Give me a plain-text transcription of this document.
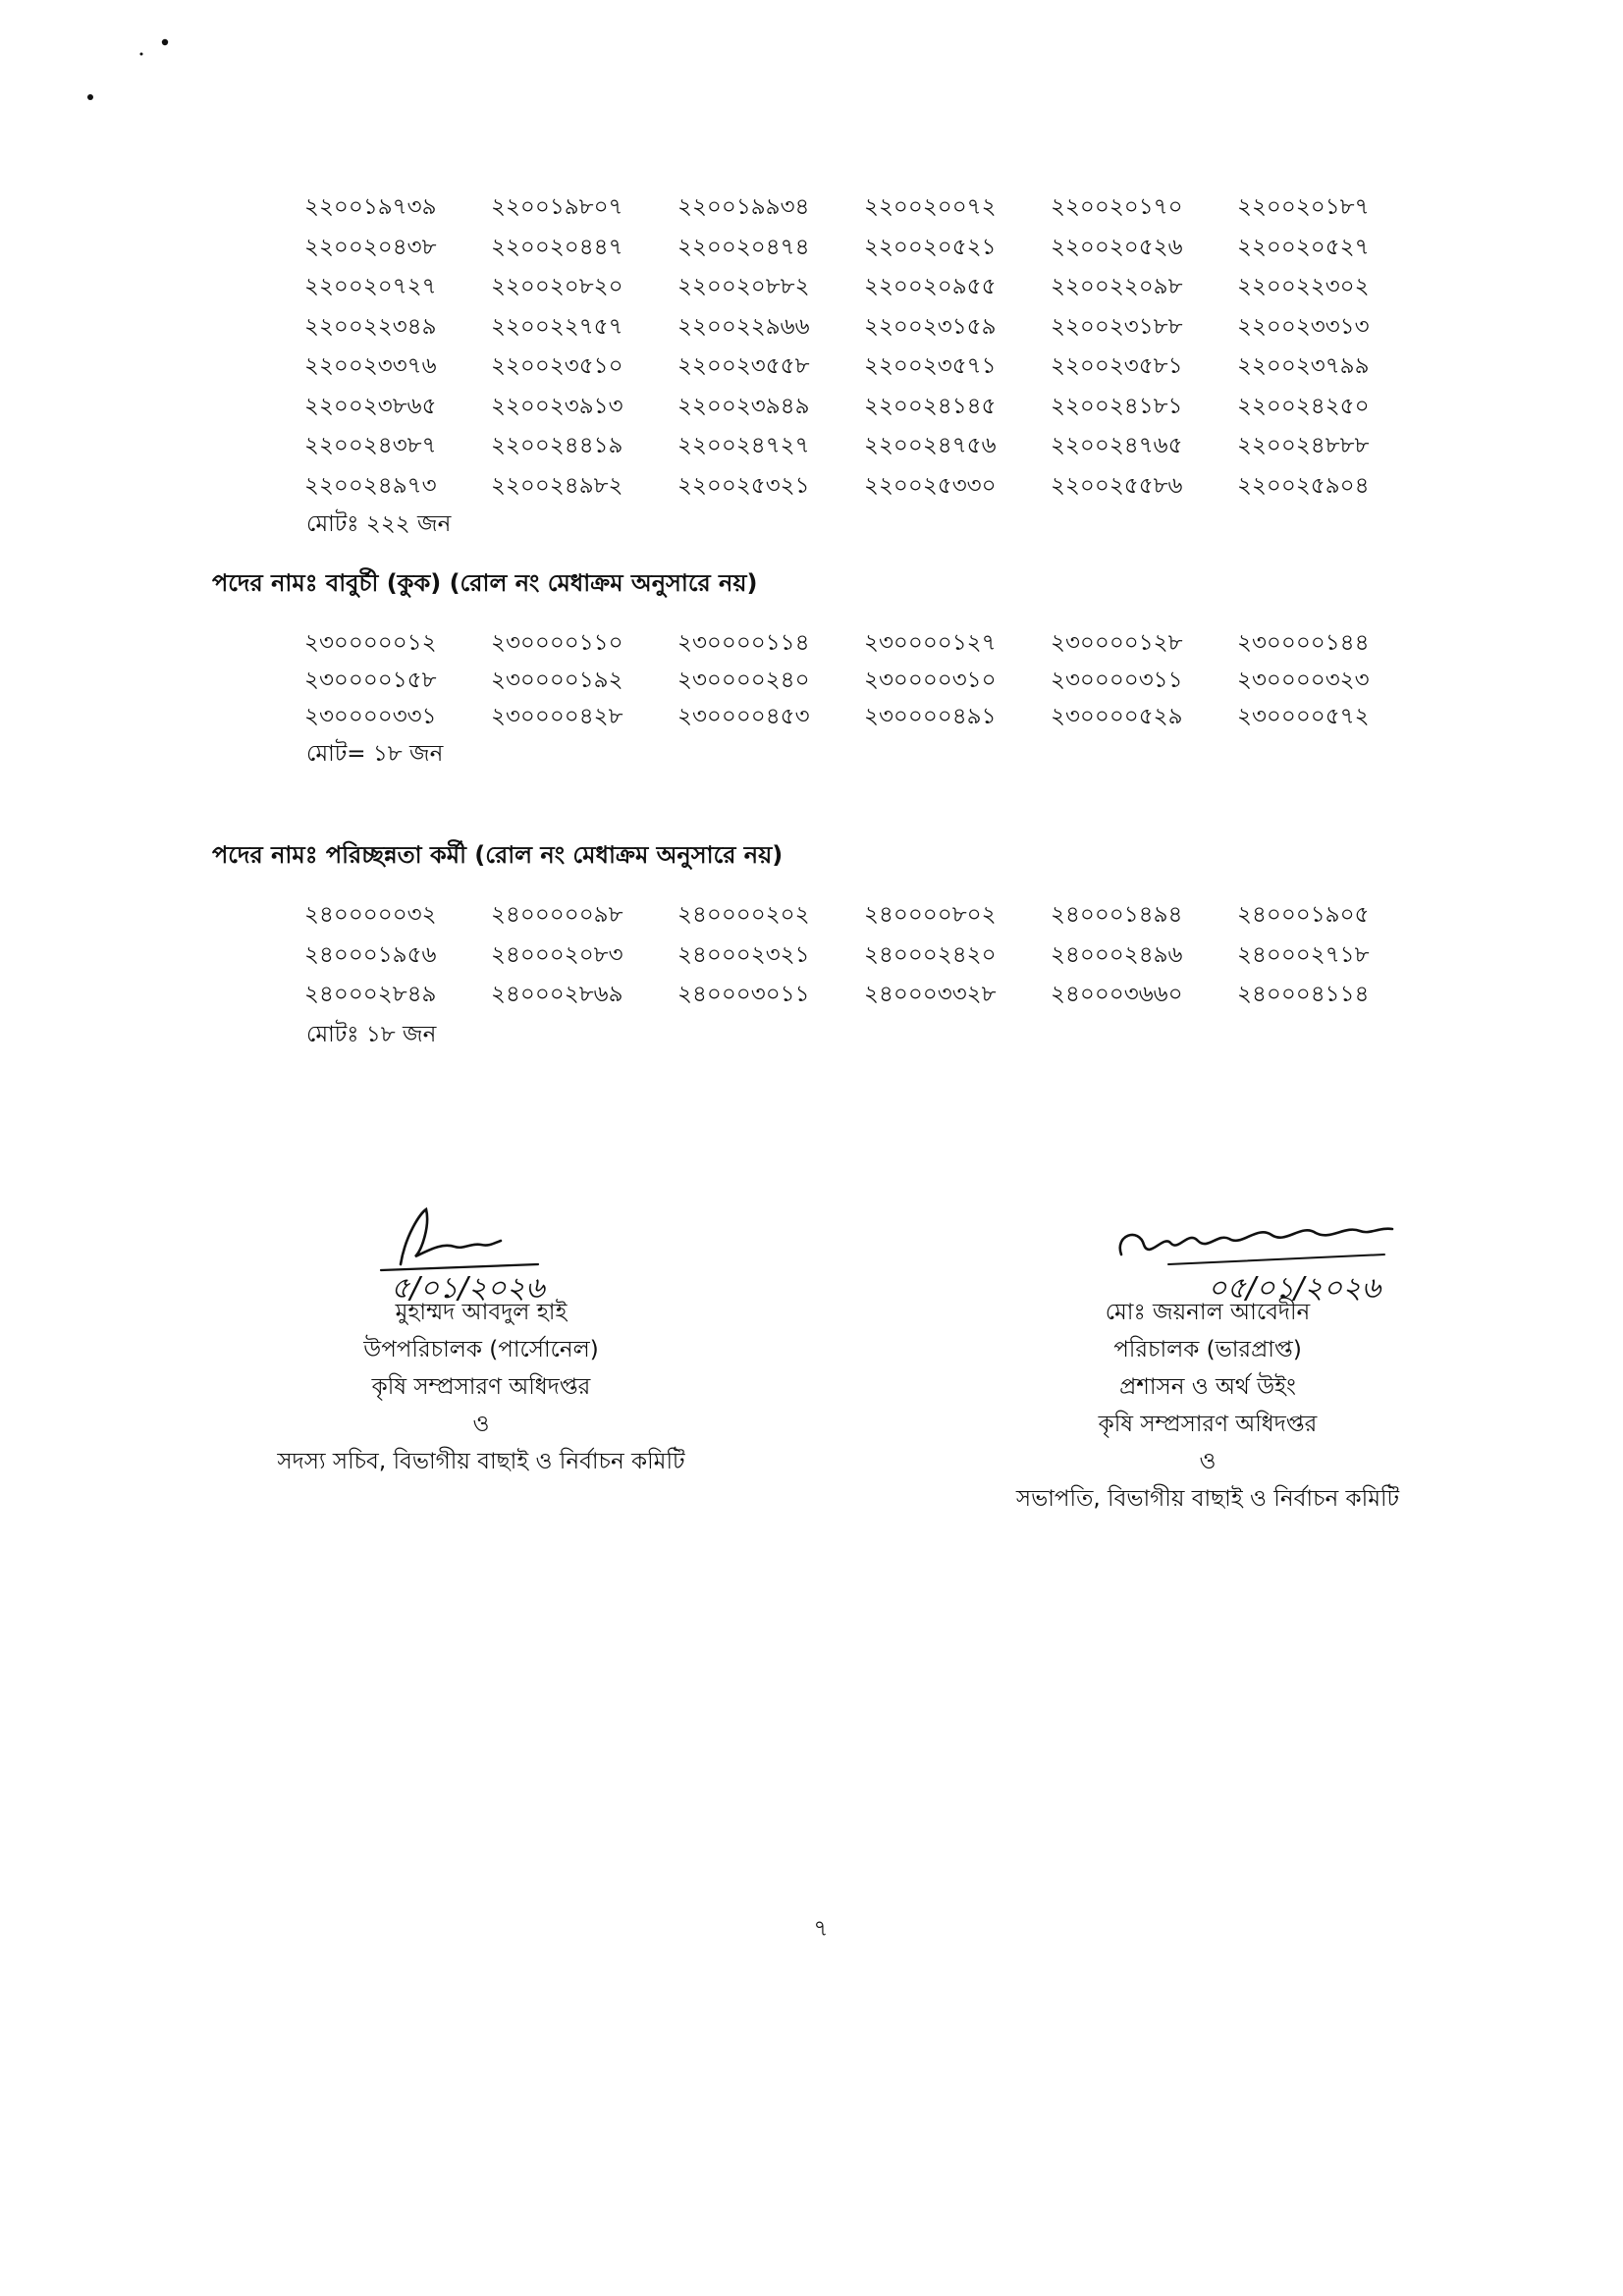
২২০০১৯৭৩৯	২২০০১৯৮০৭	২২০০১৯৯৩৪	২২০০২০০৭২	২২০০২০১৭০	২২০০২০১৮৭
২২০০২০৪৩৮	২২০০২০৪৪৭	২২০০২০৪৭৪	২২০০২০৫২১	২২০০২০৫২৬	২২০০২০৫২৭
২২০০২০৭২৭	২২০০২০৮২০	২২০০২০৮৮২	২২০০২০৯৫৫	২২০০২২০৯৮	২২০০২২৩০২
২২০০২২৩৪৯	২২০০২২৭৫৭	২২০০২২৯৬৬	২২০০২৩১৫৯	২২০০২৩১৮৮	২২০০২৩৩১৩
২২০০২৩৩৭৬	২২০০২৩৫১০	২২০০২৩৫৫৮	২২০০২৩৫৭১	২২০০২৩৫৮১	২২০০২৩৭৯৯
২২০০২৩৮৬৫	২২০০২৩৯১৩	২২০০২৩৯৪৯	২২০০২৪১৪৫	২২০০২৪১৮১	২২০০২৪২৫০
২২০০২৪৩৮৭	২২০০২৪৪১৯	২২০০২৪৭২৭	২২০০২৪৭৫৬	২২০০২৪৭৬৫	২২০০২৪৮৮৮
২২০০২৪৯৭৩	২২০০২৪৯৮২	২২০০২৫৩২১	২২০০২৫৩৩০	২২০০২৫৫৮৬	২২০০২৫৯০৪
মোটঃ ২২২ জন
পদের নামঃ বাবুর্চী (কুক) (রোল নং মেধাক্রম অনুসারে নয়)
২৩০০০০০১২	২৩০০০০১১০	২৩০০০০১১৪	২৩০০০০১২৭	২৩০০০০১২৮	২৩০০০০১৪৪
২৩০০০০১৫৮	২৩০০০০১৯২	২৩০০০০২৪০	২৩০০০০৩১০	২৩০০০০৩১১	২৩০০০০৩২৩
২৩০০০০৩৩১	২৩০০০০৪২৮	২৩০০০০৪৫৩	২৩০০০০৪৯১	২৩০০০০৫২৯	২৩০০০০৫৭২
মোট= ১৮ জন
পদের নামঃ পরিচ্ছন্নতা কর্মী (রোল নং মেধাক্রম অনুসারে নয়)
২৪০০০০০৩২	২৪০০০০০৯৮	২৪০০০০২০২	২৪০০০০৮০২	২৪০০০১৪৯৪	২৪০০০১৯০৫
২৪০০০১৯৫৬	২৪০০০২০৮৩	২৪০০০২৩২১	২৪০০০২৪২০	২৪০০০২৪৯৬	২৪০০০২৭১৮
২৪০০০২৮৪৯	২৪০০০২৮৬৯	২৪০০০৩০১১	২৪০০০৩৩২৮	২৪০০০৩৬৬০	২৪০০০৪১১৪
মোটঃ ১৮ জন
৫/০১/২০২৬	০৫/০১/২০২৬
মুহাম্মদ আবদুল হাই
উপপরিচালক (পার্সোনেল)
কৃষি সম্প্রসারণ অধিদপ্তর
ও
সদস্য সচিব, বিভাগীয় বাছাই ও নির্বাচন কমিটি
মোঃ জয়নাল আবেদীন
পরিচালক (ভারপ্রাপ্ত)
প্রশাসন ও অর্থ উইং
কৃষি সম্প্রসারণ অধিদপ্তর
ও
সভাপতি, বিভাগীয় বাছাই ও নির্বাচন কমিটি
৭
